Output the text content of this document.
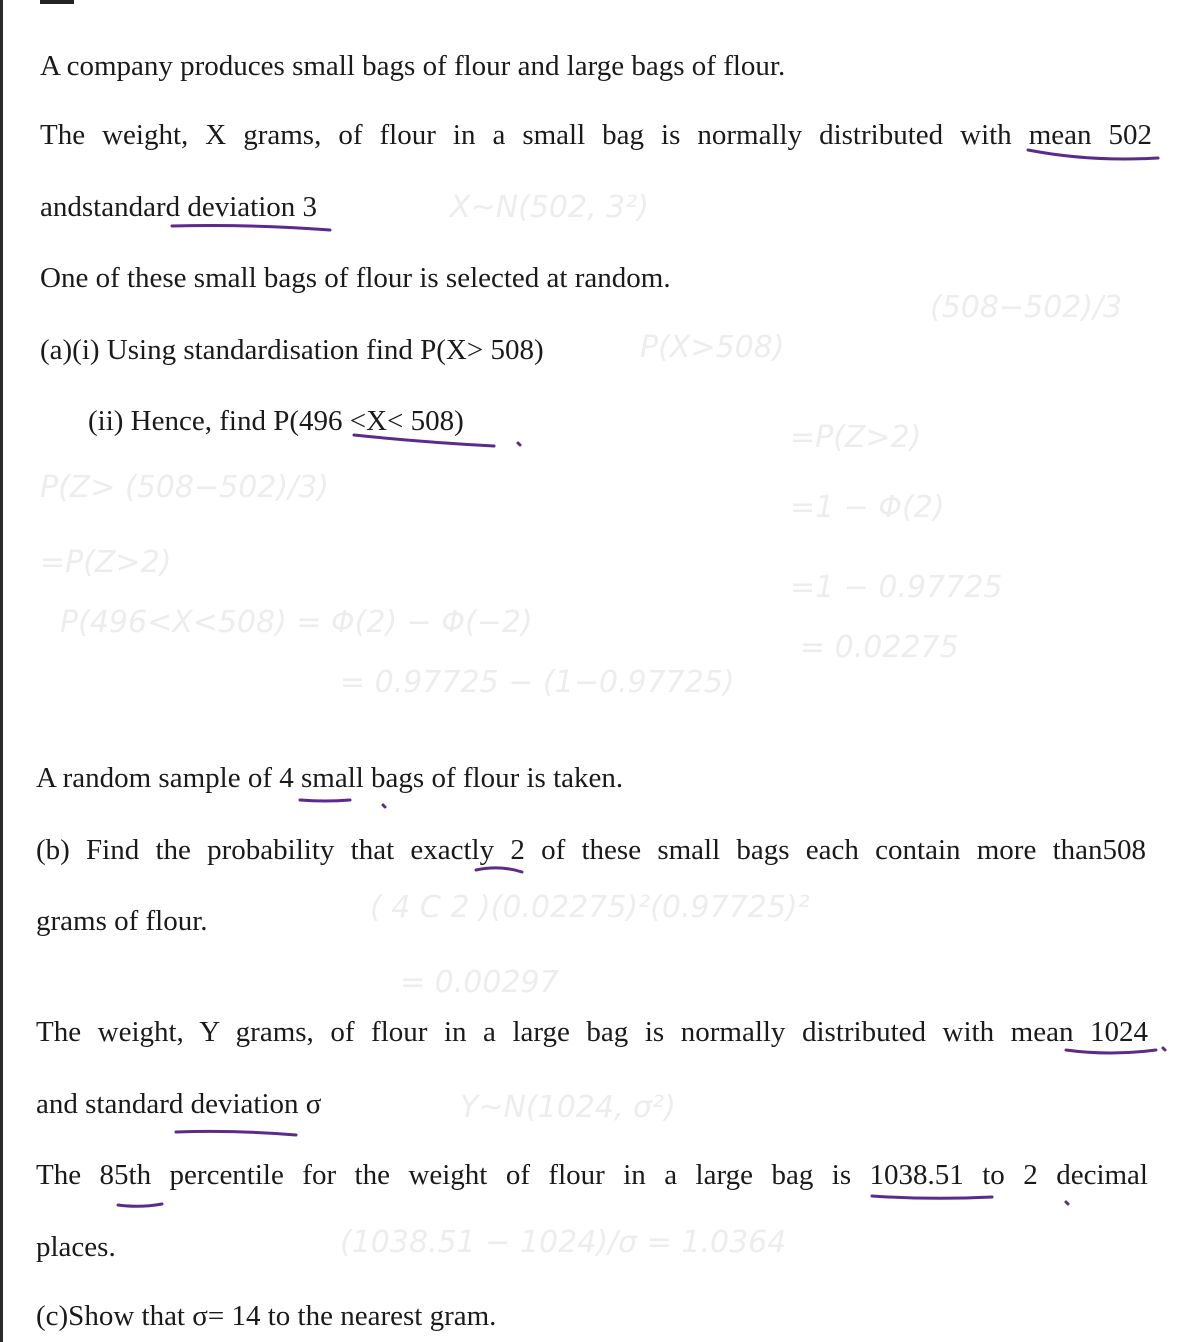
X~N(502, 3²)
P(X>508)
(508−502)/3
P(Z> (508−502)/3)
=P(Z>2)
P(496<X<508) = Φ(2) − Φ(−2)
= 0.97725 − (1−0.97725)
=P(Z>2)
=1 − Φ(2)
=1 − 0.97725
= 0.02275
( 4 C 2 )(0.02275)²(0.97725)²
= 0.00297
Y~N(1024, σ²)
(1038.51 − 1024)/σ = 1.0364

A company produces small bags of flour and large bags of flour.

The weight, X grams, of flour in a small bag is normally distributed with mean 502

andstandard deviation 3

One of these small bags of flour is selected at random.

(a)(i) Using standardisation find P(X> 508)

(ii) Hence, find P(496 <X< 508)

A random sample of 4 small bags of flour is taken.

(b) Find the probability that exactly 2 of these small bags each contain more than508

grams of flour.

The weight, Y grams, of flour in a large bag is normally distributed with mean 1024

and standard deviation σ

The 85th percentile for the weight of flour in a large bag is 1038.51 to 2 decimal

places.

(c)Show that σ= 14 to the nearest gram.
